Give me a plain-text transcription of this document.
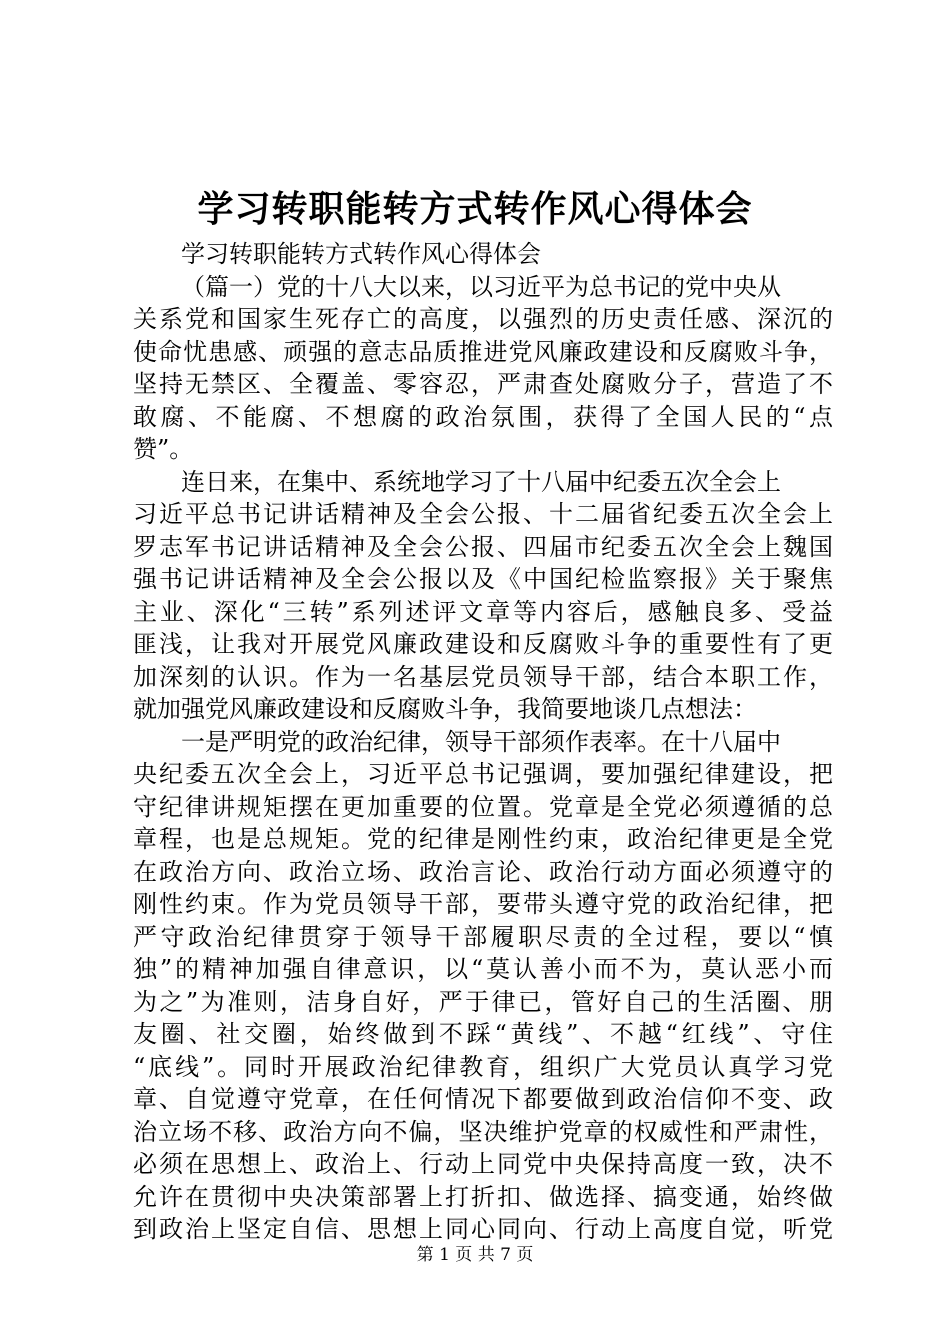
学习转职能转方式转作风心得体会
学习转职能转方式转作风心得体会
（篇一）党的十八大以来，以习近平为总书记的党中央从
关系党和国家生死存亡的高度，以强烈的历史责任感、深沉的
使命忧患感、顽强的意志品质推进党风廉政建设和反腐败斗争，
坚持无禁区、全覆盖、零容忍，严肃查处腐败分子，营造了不
敢腐、不能腐、不想腐的政治氛围，获得了全国人民的“点
赞”。
连日来，在集中、系统地学习了十八届中纪委五次全会上
习近平总书记讲话精神及全会公报、十二届省纪委五次全会上
罗志军书记讲话精神及全会公报、四届市纪委五次全会上魏国
强书记讲话精神及全会公报以及《中国纪检监察报》关于聚焦
主业、深化“三转”系列述评文章等内容后，感触良多、受益
匪浅，让我对开展党风廉政建设和反腐败斗争的重要性有了更
加深刻的认识。作为一名基层党员领导干部，结合本职工作，
就加强党风廉政建设和反腐败斗争，我简要地谈几点想法：
一是严明党的政治纪律，领导干部须作表率。在十八届中
央纪委五次全会上，习近平总书记强调，要加强纪律建设，把
守纪律讲规矩摆在更加重要的位置。党章是全党必须遵循的总
章程，也是总规矩。党的纪律是刚性约束，政治纪律更是全党
在政治方向、政治立场、政治言论、政治行动方面必须遵守的
刚性约束。作为党员领导干部，要带头遵守党的政治纪律，把
严守政治纪律贯穿于领导干部履职尽责的全过程，要以“慎
独”的精神加强自律意识，以“莫认善小而不为，莫认恶小而
为之”为准则，洁身自好，严于律已，管好自己的生活圈、朋
友圈、社交圈，始终做到不踩“黄线”、不越“红线”、守住
“底线”。同时开展政治纪律教育，组织广大党员认真学习党
章、自觉遵守党章，在任何情况下都要做到政治信仰不变、政
治立场不移、政治方向不偏，坚决维护党章的权威性和严肃性，
必须在思想上、政治上、行动上同党中央保持高度一致，决不
允许在贯彻中央决策部署上打折扣、做选择、搞变通，始终做
到政治上坚定自信、思想上同心同向、行动上高度自觉，听党
第 1 页 共 7 页
